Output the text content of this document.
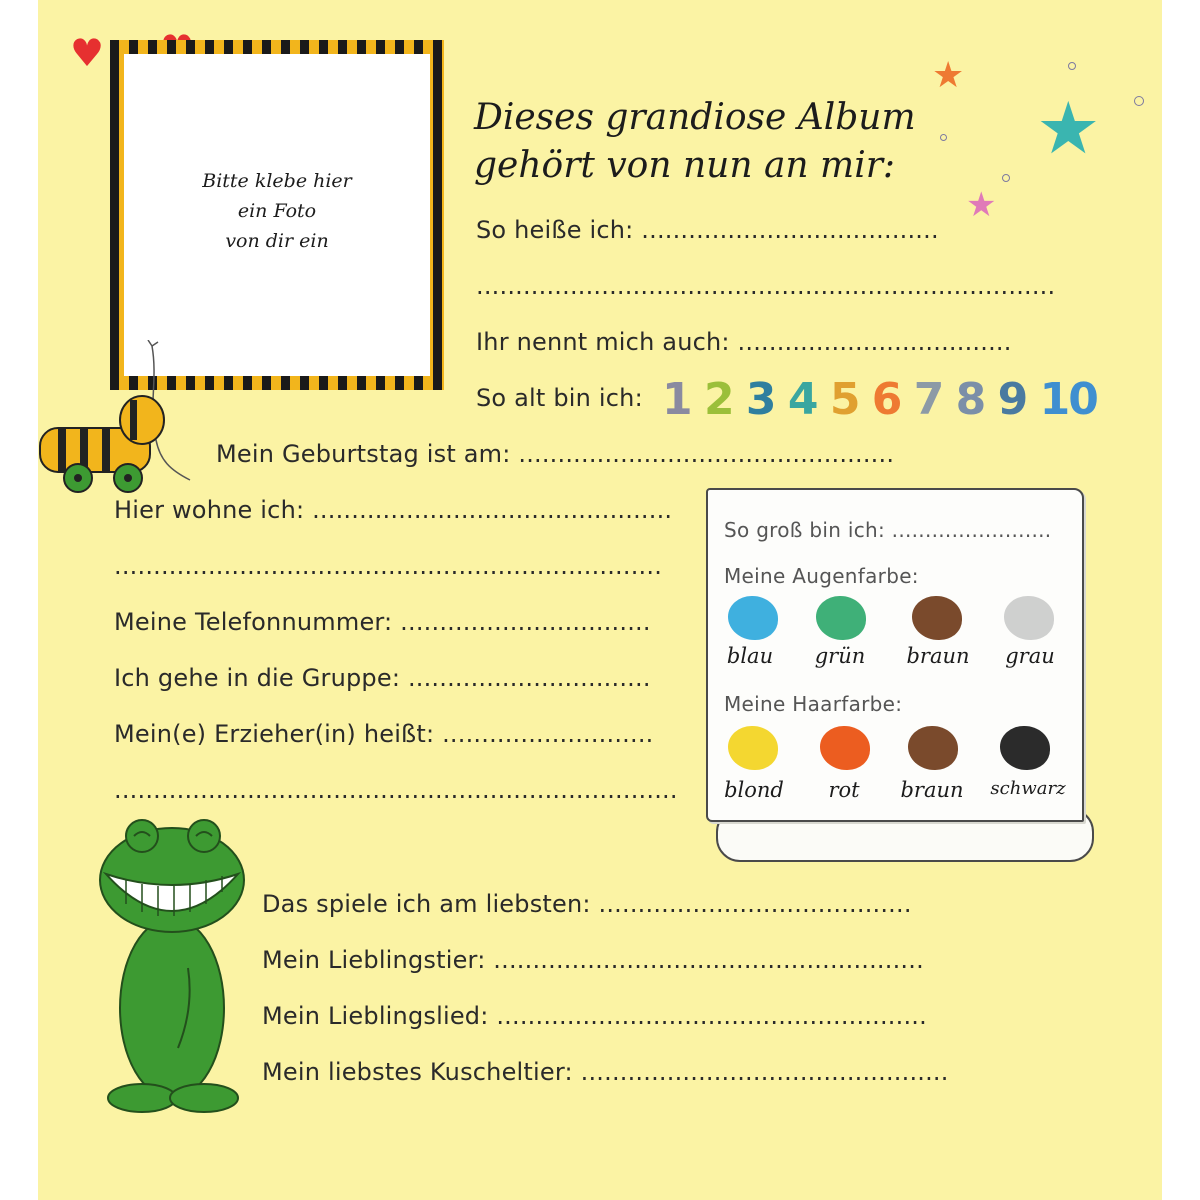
♥
Bitte klebe hier
ein Foto
von dir ein
★
★
★
Dieses grandiose Album
gehört von nun an mir:
So heiße ich: ......................................
..........................................................................
Ihr nennt mich auch: ...................................
So alt bin ich: 1 2 3 4 5 6 7 8 9 10
Mein Geburtstag ist am: ................................................
Hier wohne ich: ..............................................
......................................................................
Meine Telefonnummer: ................................
Ich gehe in die Gruppe: ...............................
Mein(e) Erzieher(in) heißt: ...........................
........................................................................
So groß bin ich: ........................
Meine Augenfarbe:
blau	grün	braun	grau
Meine Haarfarbe:
blond	rot	braun	schwarz
Das spiele ich am liebsten: ........................................
Mein Lieblingstier: .......................................................
Mein Lieblingslied: .......................................................
Mein liebstes Kuscheltier: ...............................................
